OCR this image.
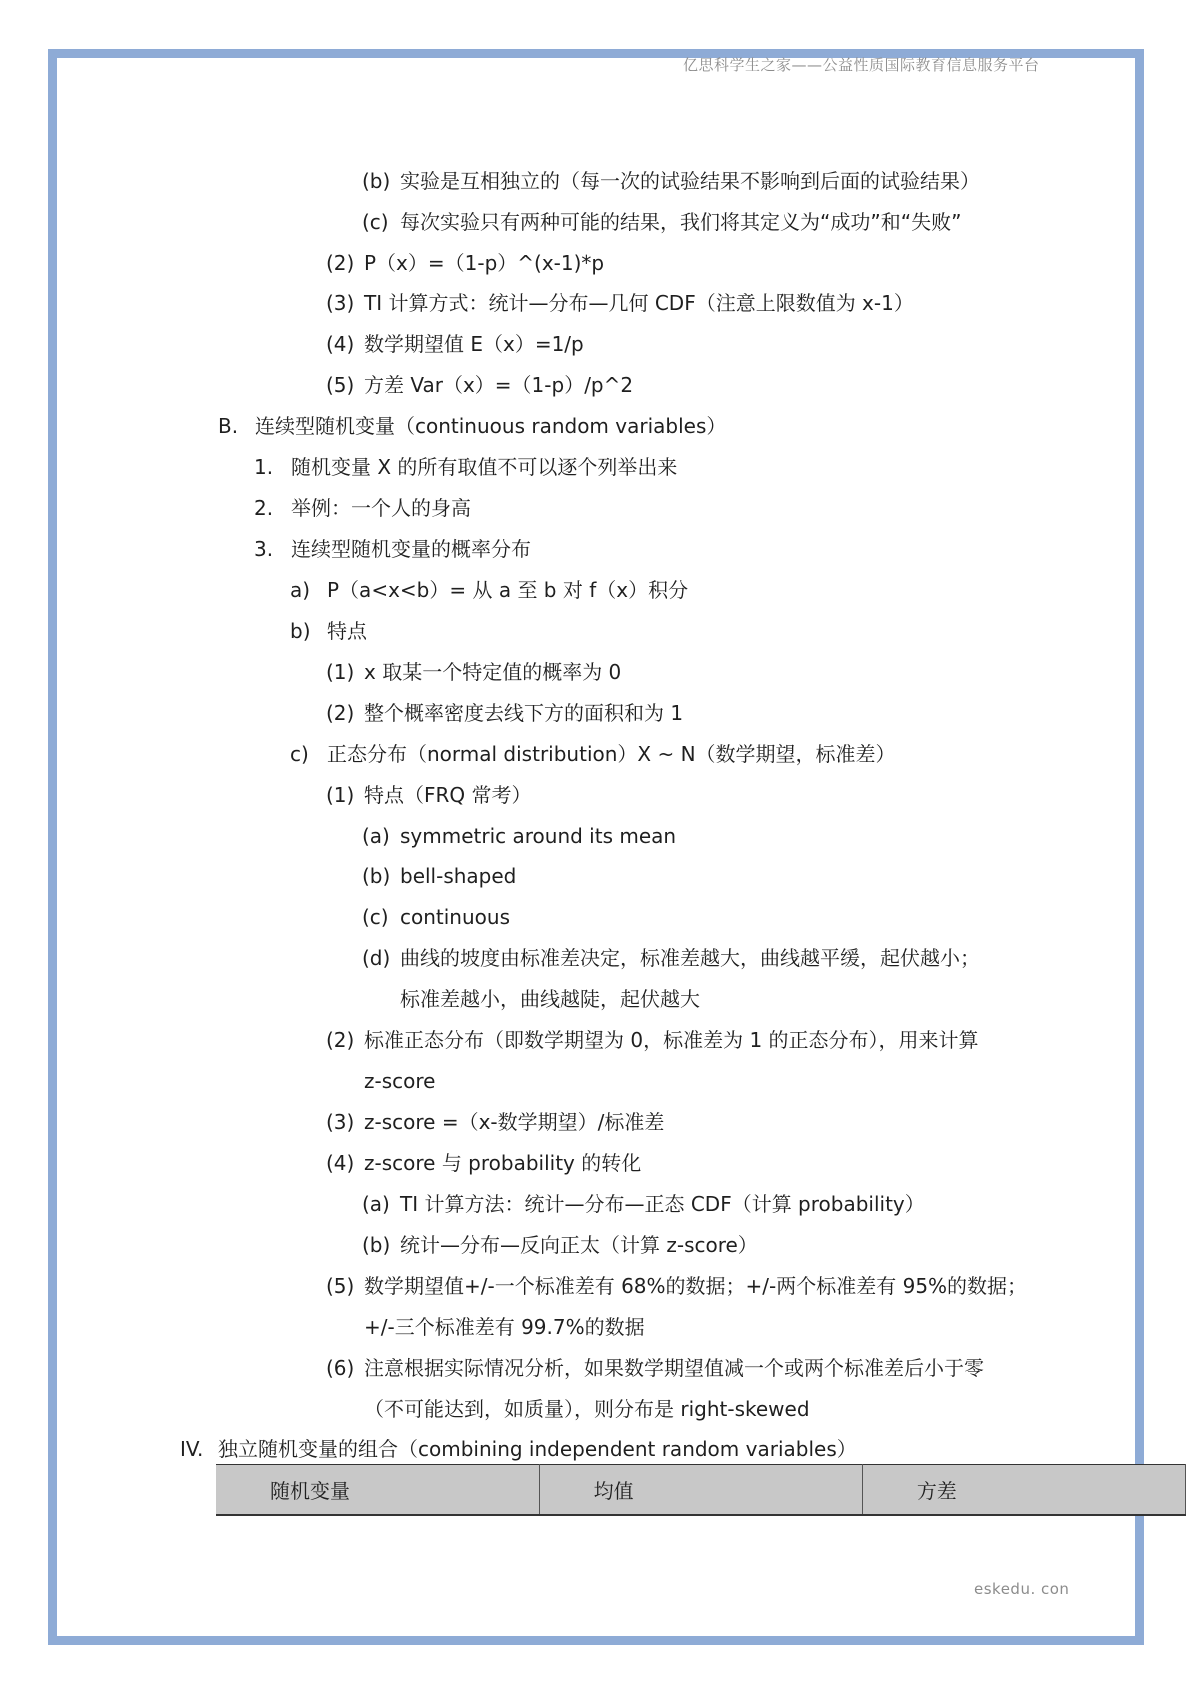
亿思科学生之家——公益性质国际教育信息服务平台
(b) 实验是互相独立的（每一次的试验结果不影响到后面的试验结果）
(c) 每次实验只有两种可能的结果，我们将其定义为“成功”和“失败”
(2) P（x）=（1-p）^(x-1)*p
(3) TI 计算方式：统计—分布—几何 CDF（注意上限数值为 x-1）
(4) 数学期望值 E（x）=1/p
(5) 方差 Var（x）=（1-p）/p^2
B. 连续型随机变量（continuous random variables）
1. 随机变量 X 的所有取值不可以逐个列举出来
2. 举例：一个人的身高
3. 连续型随机变量的概率分布
a) P（a<x<b）= 从 a 至 b 对 f（x）积分
b) 特点
(1) x 取某一个特定值的概率为 0
(2) 整个概率密度去线下方的面积和为 1
c) 正态分布（normal distribution）X ~ N（数学期望，标准差）
(1) 特点（FRQ 常考）
(a) symmetric around its mean
(b) bell-shaped
(c) continuous
(d) 曲线的坡度由标准差决定，标准差越大，曲线越平缓，起伏越小；
标准差越小，曲线越陡，起伏越大
(2) 标准正态分布（即数学期望为 0，标准差为 1 的正态分布），用来计算
z-score
(3) z-score =（x-数学期望）/标准差
(4) z-score 与 probability 的转化
(a) TI 计算方法：统计—分布—正态 CDF（计算 probability）
(b) 统计—分布—反向正太（计算 z-score）
(5) 数学期望值+/-一个标准差有 68%的数据；+/-两个标准差有 95%的数据；
+/-三个标准差有 99.7%的数据
(6) 注意根据实际情况分析，如果数学期望值减一个或两个标准差后小于零
（不可能达到，如质量），则分布是 right-skewed
IV. 独立随机变量的组合（combining independent random variables）
随机变量	均值	方差
eskedu. con
